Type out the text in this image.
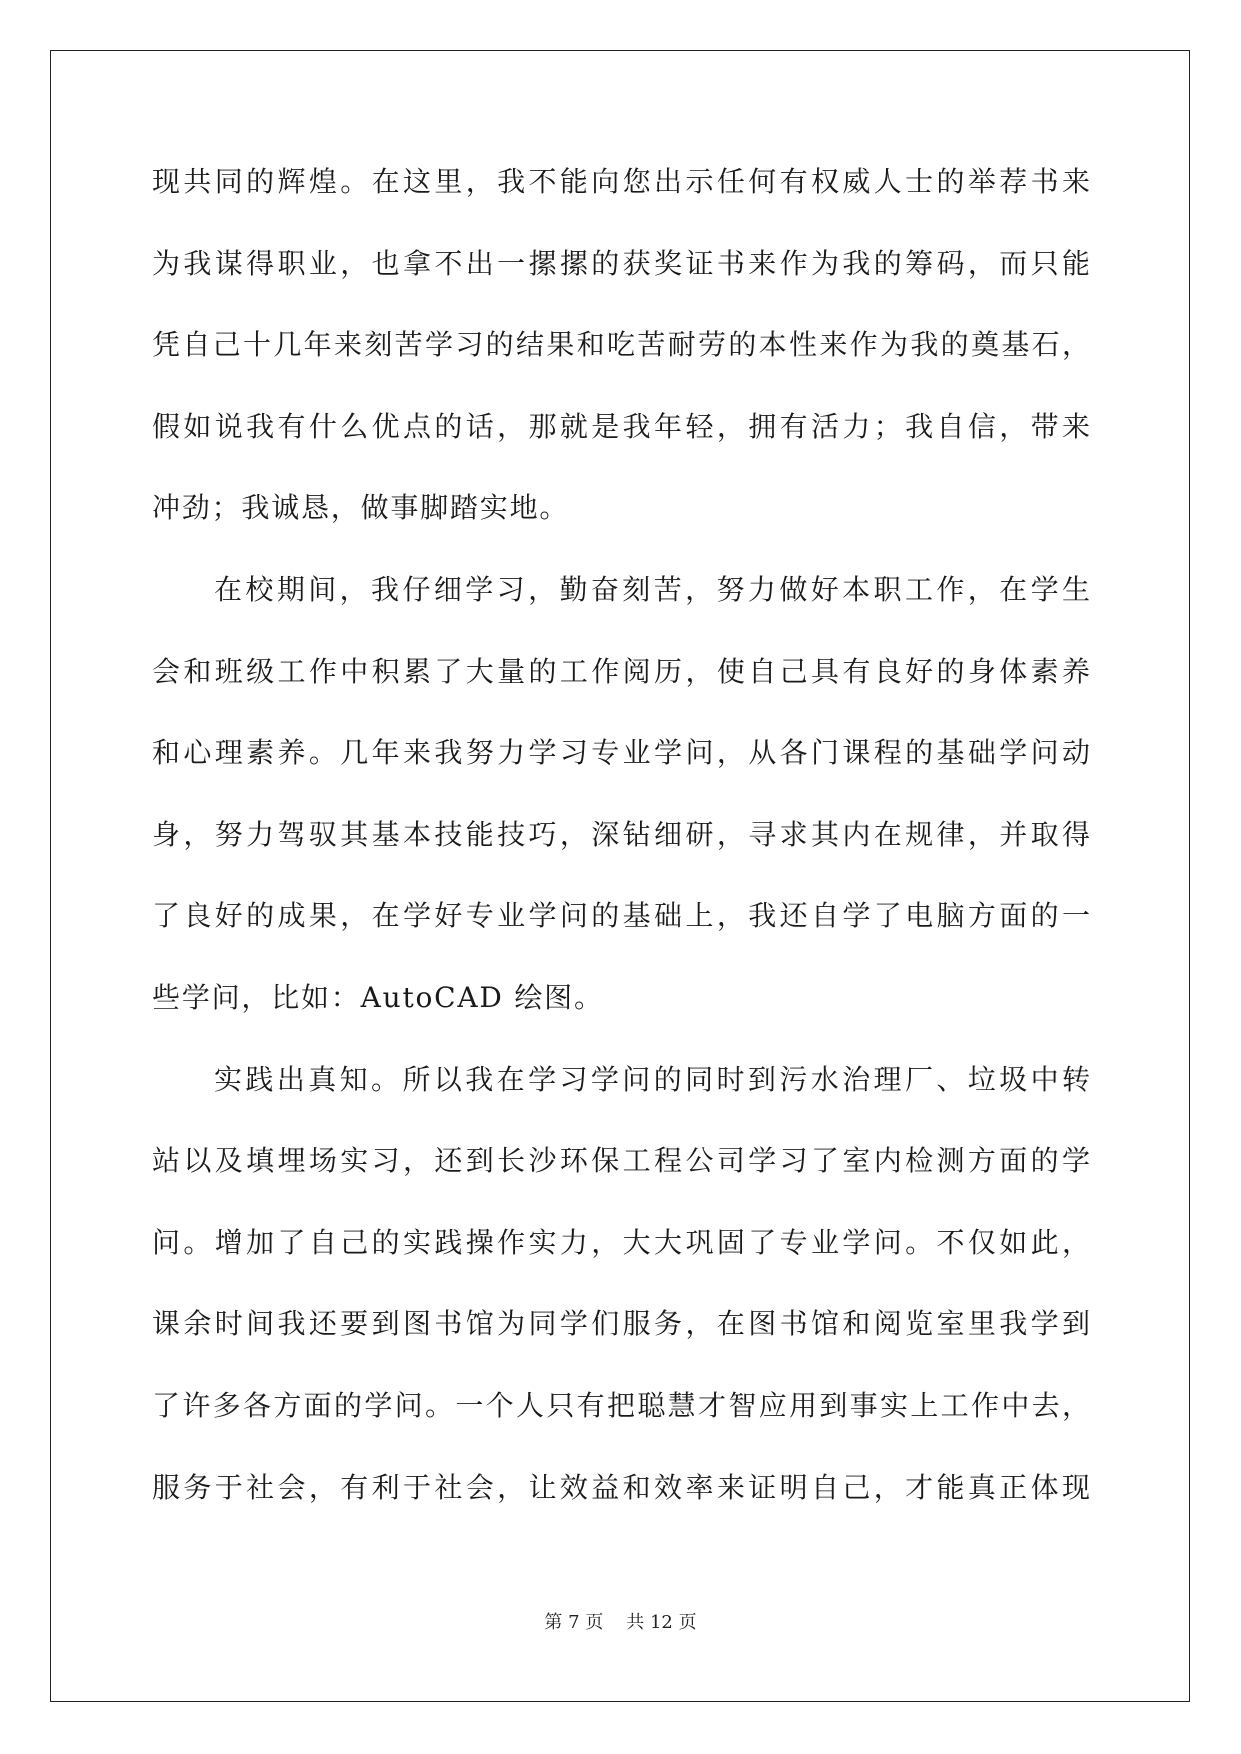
现共同的辉煌。在这里，我不能向您出示任何有权威人士的举荐书来
为我谋得职业，也拿不出一摞摞的获奖证书来作为我的筹码，而只能
凭自己十几年来刻苦学习的结果和吃苦耐劳的本性来作为我的奠基石，
假如说我有什么优点的话，那就是我年轻，拥有活力；我自信，带来
冲劲；我诚恳，做事脚踏实地。
在校期间，我仔细学习，勤奋刻苦，努力做好本职工作，在学生
会和班级工作中积累了大量的工作阅历，使自己具有良好的身体素养
和心理素养。几年来我努力学习专业学问，从各门课程的基础学问动
身，努力驾驭其基本技能技巧，深钻细研，寻求其内在规律，并取得
了良好的成果，在学好专业学问的基础上，我还自学了电脑方面的一
些学问，比如：AutoCAD 绘图。
实践出真知。所以我在学习学问的同时到污水治理厂、垃圾中转
站以及填埋场实习，还到长沙环保工程公司学习了室内检测方面的学
问。增加了自己的实践操作实力，大大巩固了专业学问。不仅如此，
课余时间我还要到图书馆为同学们服务，在图书馆和阅览室里我学到
了许多各方面的学问。一个人只有把聪慧才智应用到事实上工作中去，
服务于社会，有利于社会，让效益和效率来证明自己，才能真正体现
第 7 页 共 12 页
